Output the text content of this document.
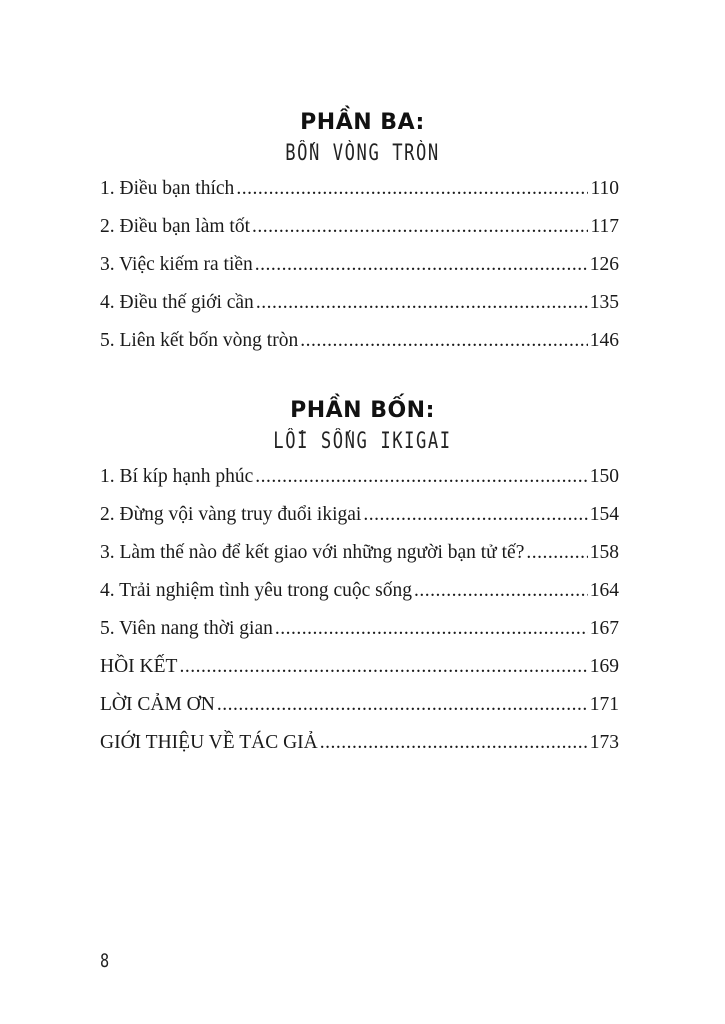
PHẦN BA:
BỐN VÒNG TRÒN
1. Điều bạn thích .....	110
2. Điều bạn làm tốt .....	117
3. Việc kiếm ra tiền .....	126
4. Điều thế giới cần .....	135
5. Liên kết bốn vòng tròn .....	146
PHẦN BỐN:
LỐI SỐNG IKIGAI
1. Bí kíp hạnh phúc .....	150
2. Đừng vội vàng truy đuổi ikigai .....	154
3. Làm thế nào để kết giao với những người bạn tử tế? .....	158
4. Trải nghiệm tình yêu trong cuộc sống .....	164
5. Viên nang thời gian .....	167
HỒI KẾT .....	169
LỜI CẢM ƠN .....	171
GIỚI THIỆU VỀ TÁC GIẢ .....	173
8
